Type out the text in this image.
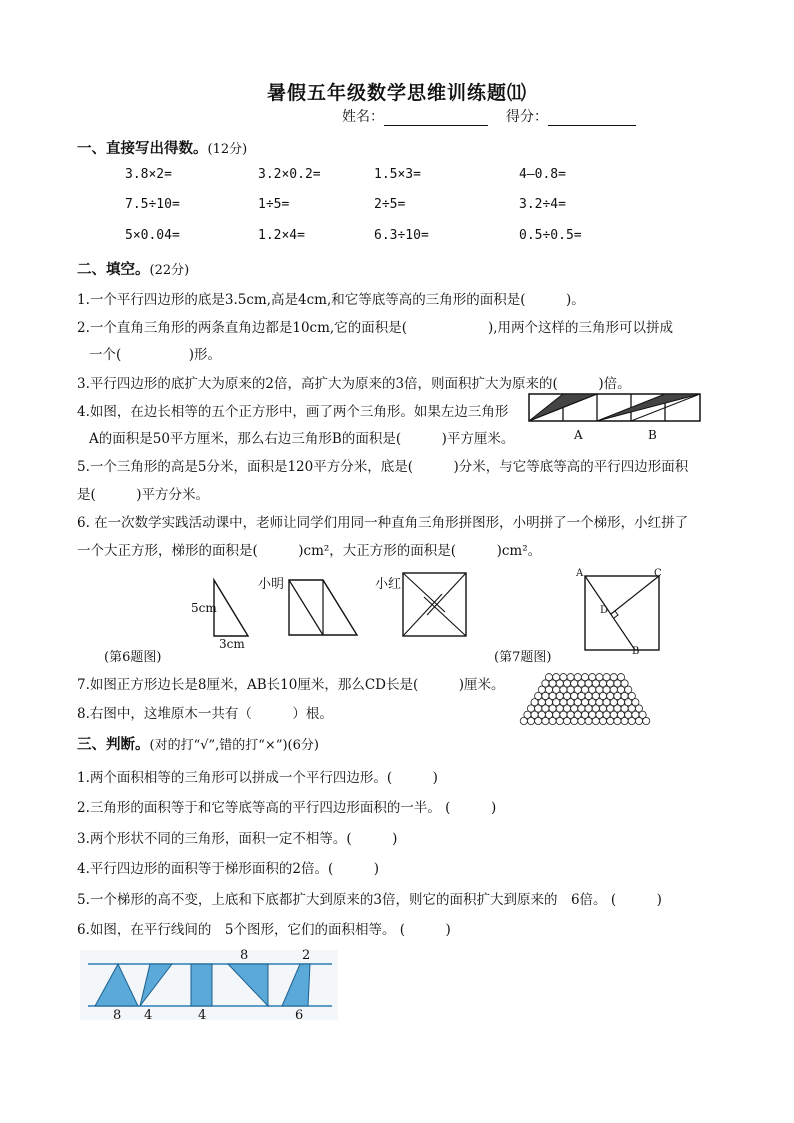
暑假五年级数学思维训练题⑾
姓名：	得分：
一、直接写出得数。(12分)
3.8×2=	3.2×0.2=	1.5×3=	4—0.8=
7.5÷10=	1÷5=	2÷5=	3.2÷4=
5×0.04=	1.2×4=	6.3÷10=	0.5÷0.5=
二、填空。(22分)
1.一个平行四边形的底是3.5cm,高是4cm,和它等底等高的三角形的面积是(　　　)。
2.一个直角三角形的两条直角边都是10cm,它的面积是(　　　　　　),用两个这样的三角形可以拼成
一个(　　　　　)形。
3.平行四边形的底扩大为原来的2倍，高扩大为原来的3倍，则面积扩大为原来的(　　　)倍。
4.如图，在边长相等的五个正方形中，画了两个三角形。如果左边三角形
A的面积是50平方厘米，那么右边三角形B的面积是(　　　)平方厘米。
5.一个三角形的高是5分米，面积是120平方分米，底是(　　　)分米，与它等底等高的平行四边形面积
是(　　　)平方分米。
6. 在一次数学实践活动课中，老师让同学们用同一种直角三角形拼图形，小明拼了一个梯形，小红拼了
一个大正方形，梯形的面积是(　　　)cm²，大正方形的面积是(　　　)cm²。
A	B
5cm
3cm
小明	小红
(第6题图)
A	C
D
B
(第7题图)
7.如图正方形边长是8厘米，AB长10厘米，那么CD长是(　　　)厘米。
8.右图中，这堆原木一共有（　　　）根。
三、判断。(对的打“√”,错的打“×”)(6分)
1.两个面积相等的三角形可以拼成一个平行四边形。(　　　)
2.三角形的面积等于和它等底等高的平行四边形面积的一半。 (　　　)
3.两个形状不同的三角形，面积一定不相等。(　　　)
4.平行四边形的面积等于梯形面积的2倍。(　　　)
5.一个梯形的高不变，上底和下底都扩大到原来的3倍，则它的面积扩大到原来的　6倍。 (　　　)
6.如图，在平行线间的　5个图形，它们的面积相等。 (　　　)
8	2
8 4	4	6
